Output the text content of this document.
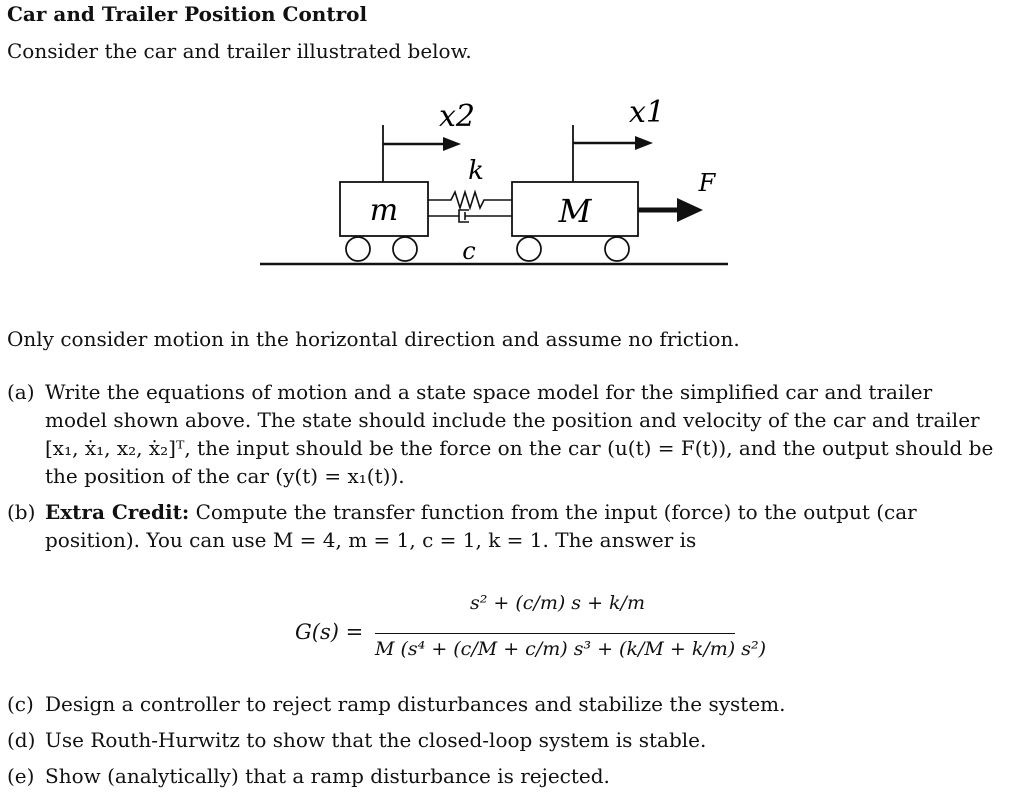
Car and Trailer Position Control
Consider the car and trailer illustrated below.
m	M
k
c
x2	x1
F
Only consider motion in the horizontal direction and assume no friction.
(a) Write the equations of motion and a state space model for the simplified car and trailer model shown above. The state should include the position and velocity of the car and trailer [x₁, ẋ₁, x₂, ẋ₂]ᵀ, the input should be the force on the car (u(t) = F(t)), and the output should be the position of the car (y(t) = x₁(t)).
(b) Extra Credit: Compute the transfer function from the input (force) to the output (car position). You can use M = 4, m = 1, c = 1, k = 1. The answer is
G(s) =
s² + (c/m) s + k/m
M (s⁴ + (c/M + c/m) s³ + (k/M + k/m) s²)
(c) Design a controller to reject ramp disturbances and stabilize the system.
(d) Use Routh-Hurwitz to show that the closed-loop system is stable.
(e) Show (analytically) that a ramp disturbance is rejected.
